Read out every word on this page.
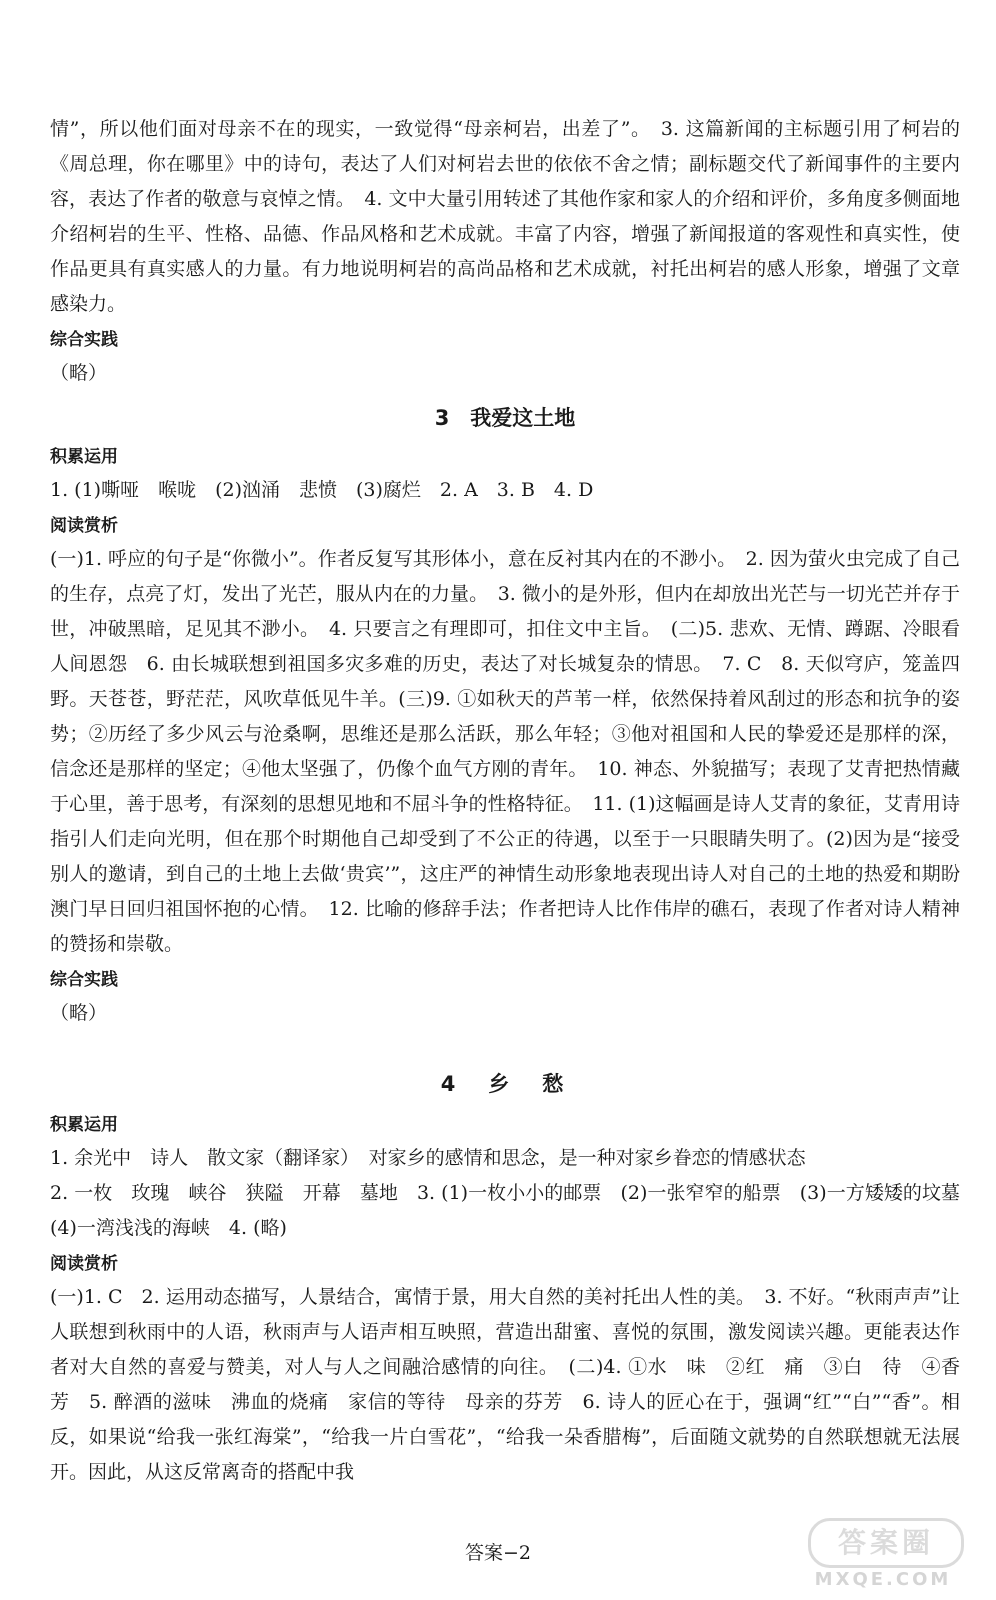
情”，所以他们面对母亲不在的现实，一致觉得“母亲柯岩，出差了”。　3. 这篇新闻的主标题引用了柯岩的《周总理，你在哪里》中的诗句，表达了人们对柯岩去世的依依不舍之情；副标题交代了新闻事件的主要内容，表达了作者的敬意与哀悼之情。　4. 文中大量引用转述了其他作家和家人的介绍和评价，多角度多侧面地介绍柯岩的生平、性格、品德、作品风格和艺术成就。丰富了内容，增强了新闻报道的客观性和真实性，使作品更具有真实感人的力量。有力地说明柯岩的高尚品格和艺术成就，衬托出柯岩的感人形象，增强了文章感染力。

综合实践

（略）

3　我爱这土地
积累运用

1. (1)嘶哑　喉咙　(2)汹涌　悲愤　(3)腐烂　2. A　3. B　4. D

阅读赏析

(一)1. 呼应的句子是“你微小”。作者反复写其形体小，意在反衬其内在的不渺小。　2. 因为萤火虫完成了自己的生存，点亮了灯，发出了光芒，服从内在的力量。　3. 微小的是外形，但内在却放出光芒与一切光芒并存于世，冲破黑暗，足见其不渺小。　4. 只要言之有理即可，扣住文中主旨。　(二)5. 悲欢、无情、蹲踞、冷眼看人间恩怨　6. 由长城联想到祖国多灾多难的历史，表达了对长城复杂的情思。　7. C　8. 天似穹庐，笼盖四野。天苍苍，野茫茫，风吹草低见牛羊。(三)9. ①如秋天的芦苇一样，依然保持着风刮过的形态和抗争的姿势；②历经了多少风云与沧桑啊，思维还是那么活跃，那么年轻；③他对祖国和人民的挚爱还是那样的深，信念还是那样的坚定；④他太坚强了，仍像个血气方刚的青年。　10. 神态、外貌描写；表现了艾青把热情藏于心里，善于思考，有深刻的思想见地和不屈斗争的性格特征。　11. (1)这幅画是诗人艾青的象征，艾青用诗指引人们走向光明，但在那个时期他自己却受到了不公正的待遇，以至于一只眼睛失明了。(2)因为是“接受别人的邀请，到自己的土地上去做‘贵宾’”，这庄严的神情生动形象地表现出诗人对自己的土地的热爱和期盼澳门早日回归祖国怀抱的心情。　12. 比喻的修辞手法；作者把诗人比作伟岸的礁石，表现了作者对诗人精神的赞扬和崇敬。

综合实践

（略）

4　乡　愁
积累运用

1. 余光中　诗人　散文家（翻译家）　对家乡的感情和思念，是一种对家乡眷恋的情感状态

2. 一枚　玫瑰　峡谷　狭隘　开幕　墓地　3. (1)一枚小小的邮票　(2)一张窄窄的船票　(3)一方矮矮的坟墓　(4)一湾浅浅的海峡　4. (略)

阅读赏析

(一)1. C　2. 运用动态描写，人景结合，寓情于景，用大自然的美衬托出人性的美。　3. 不好。“秋雨声声”让人联想到秋雨中的人语，秋雨声与人语声相互映照，营造出甜蜜、喜悦的氛围，激发阅读兴趣。更能表达作者对大自然的喜爱与赞美，对人与人之间融洽感情的向往。　(二)4. ①水　味　②红　痛　③白　待　④香　芳　5. 醉酒的滋味　沸血的烧痛　家信的等待　母亲的芬芳　6. 诗人的匠心在于，强调“红”“白”“香”。相反，如果说“给我一张红海棠”，“给我一片白雪花”，“给我一朵香腊梅”，后面随文就势的自然联想就无法展开。因此，从这反常离奇的搭配中我

答案−2	答案圈
MXQE.COM
